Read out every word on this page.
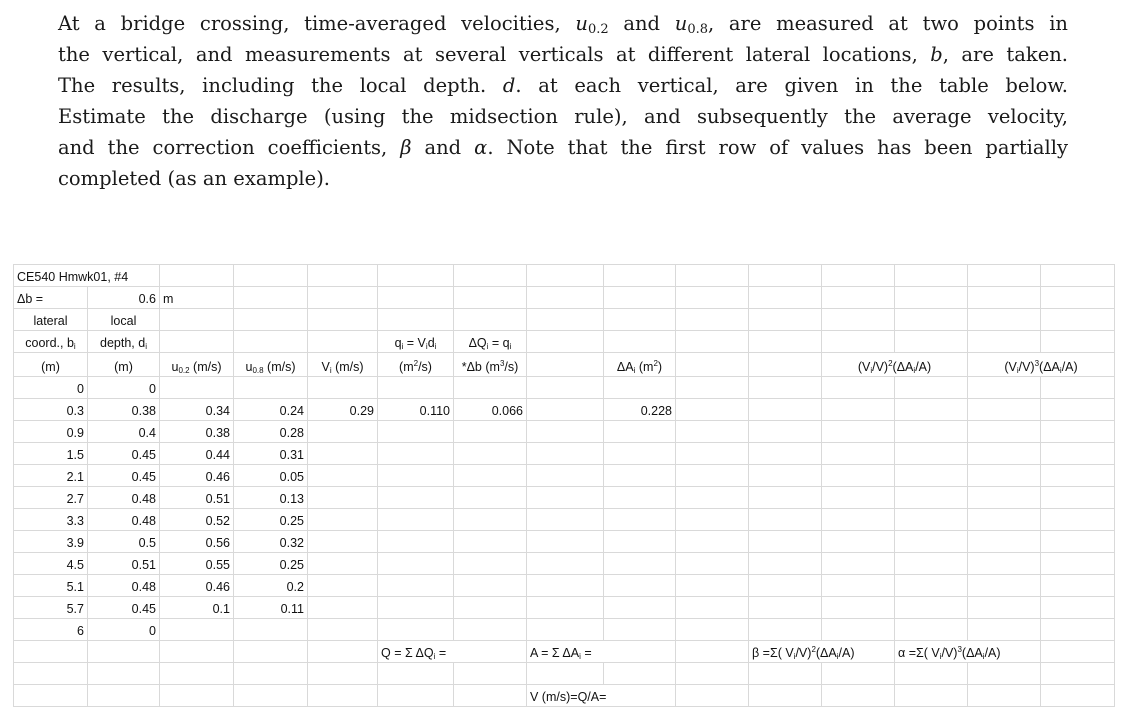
At a bridge crossing, time-averaged velocities, $u_{0.2}$ and $u_{0.8}$, are measured at two points in
the vertical, and measurements at several verticals at different lateral locations, b, are taken.
The results, including the local depth. d. at each vertical, are given in the table below.
Estimate the discharge (using the midsection rule), and subsequently the average velocity,
and the correction coefficients, β and α. Note that the first row of values has been partially
completed (as an example).
CE540 Hmwk01, #4														
Δb =	0.6	m												
lateral	local													
coord., $b_i$	depth, $d_i$				$q_i = V_id_i$	$\Delta Q_i = q_i$								
(m)	(m)	$u_{0.2}$ (m/s)	$u_{0.8}$ (m/s)	$V_i$ (m/s)	$(m^2/s)$	*Δb $(m^3/s)$		$\Delta A_i$ $(m^2)$			$(V_i/V)^2(\Delta A_i/A)$		$(V_i/V)^3(\Delta A_i/A)$	
0	0													
0.3	0.38	0.34	0.24	0.29	0.110	0.066		0.228						
0.9	0.4	0.38	0.28											
1.5	0.45	0.44	0.31											
2.1	0.45	0.46	0.05											
2.7	0.48	0.51	0.13											
3.3	0.48	0.52	0.25											
3.9	0.5	0.56	0.32											
4.5	0.51	0.55	0.25											
5.1	0.48	0.46	0.2											
5.7	0.45	0.1	0.11											
6	0													
					Q = Σ $\Delta Q_i$ =		A = Σ $\Delta A_i$ =			β =Σ( $V_i/V)^2(\Delta A_i/A)$		α =Σ( $V_i/V)^3(\Delta A_i/A)$		

							V (m/s)=Q/A=							
